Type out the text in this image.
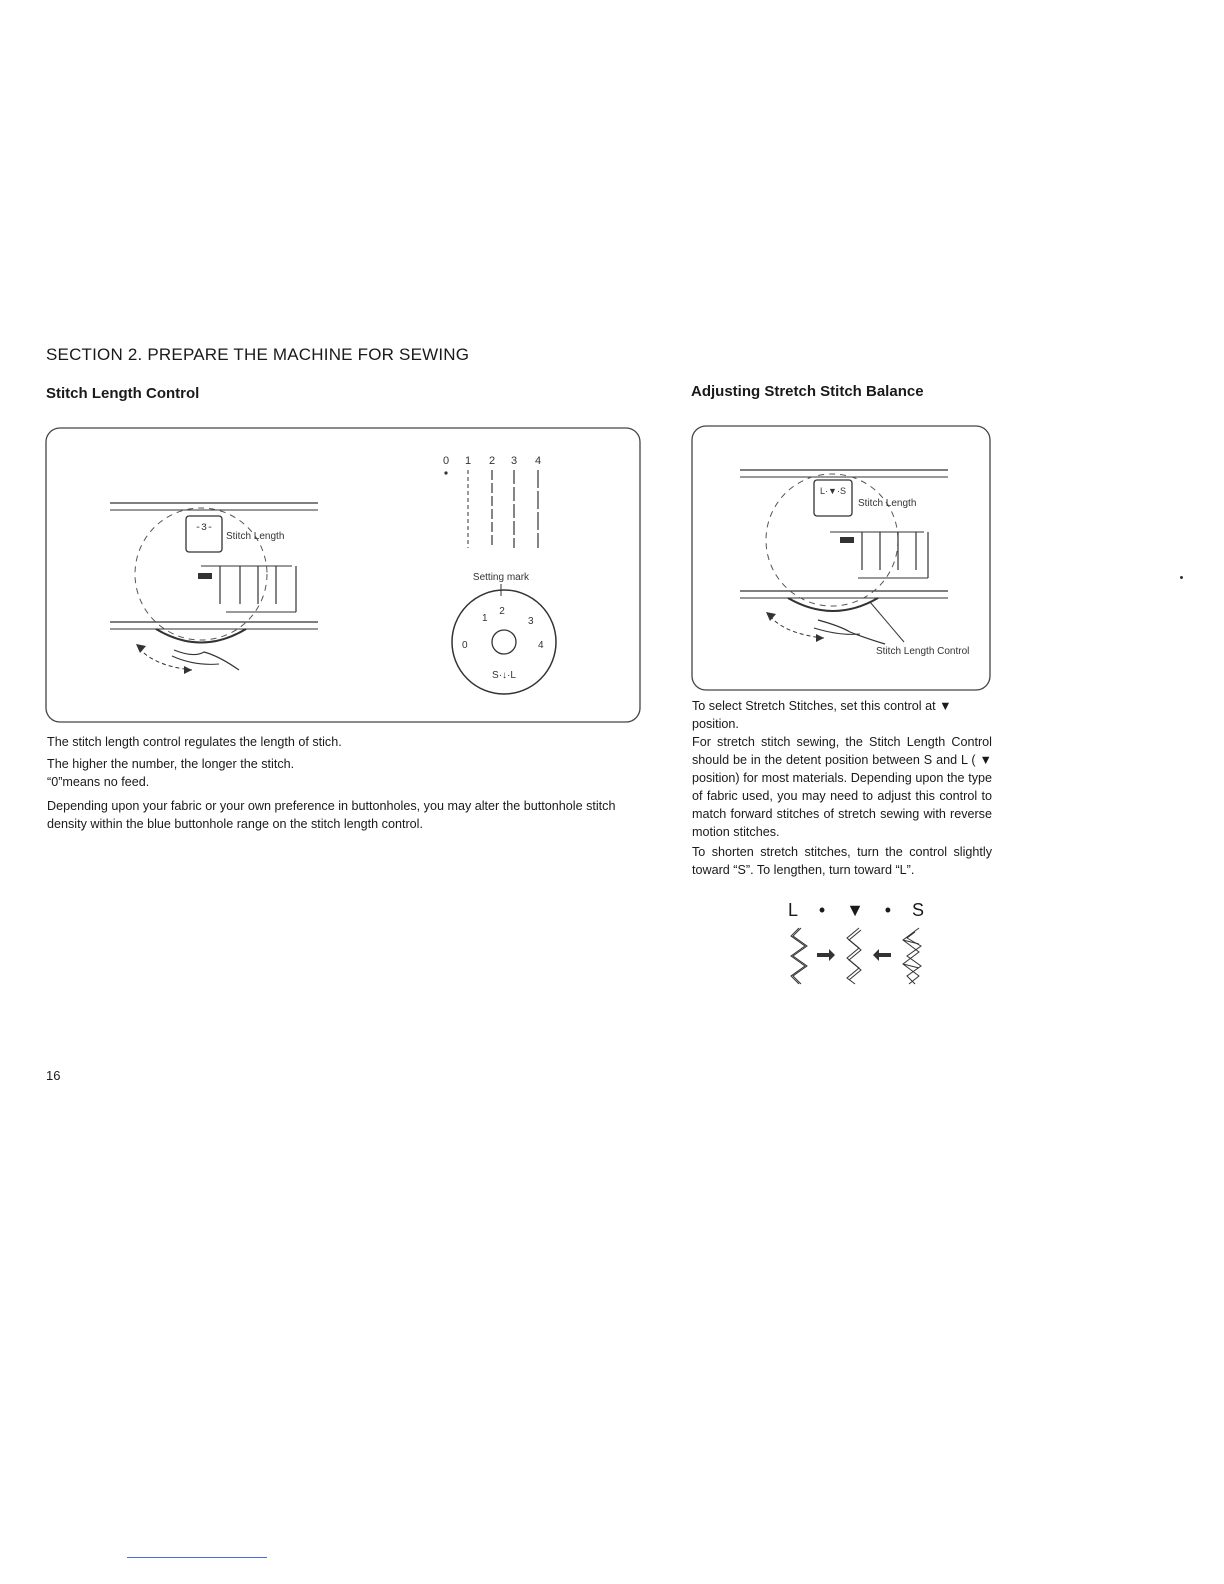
SECTION 2. PREPARE THE MACHINE FOR SEWING
Stitch Length Control	Adjusting Stretch Stitch Balance
-3-
Stitch Length
0 1 2 3 4
Setting mark
1
2
3
4
0
S·↓·L
The stitch length control regulates the length of stich.
The higher the number, the longer the stitch.
“0”means no feed.
Depending upon your fabric or your own preference in buttonholes, you may alter the buttonhole stitch density within the blue buttonhole range on the stitch length control.
L·▼·S
Stitch Length
Stitch Length Control
To select Stretch Stitches, set this control at ▼ position.
For stretch stitch sewing, the Stitch Length Control should be in the detent position between S and L ( ▼ position) for most materials. Depending upon the type of fabric used, you may need to adjust this control to match forward stitches of stretch sewing with reverse motion stitches.
To shorten stretch stitches, turn the control slightly toward “S”. To lengthen, turn toward “L”.
L • ▼ • S
16
